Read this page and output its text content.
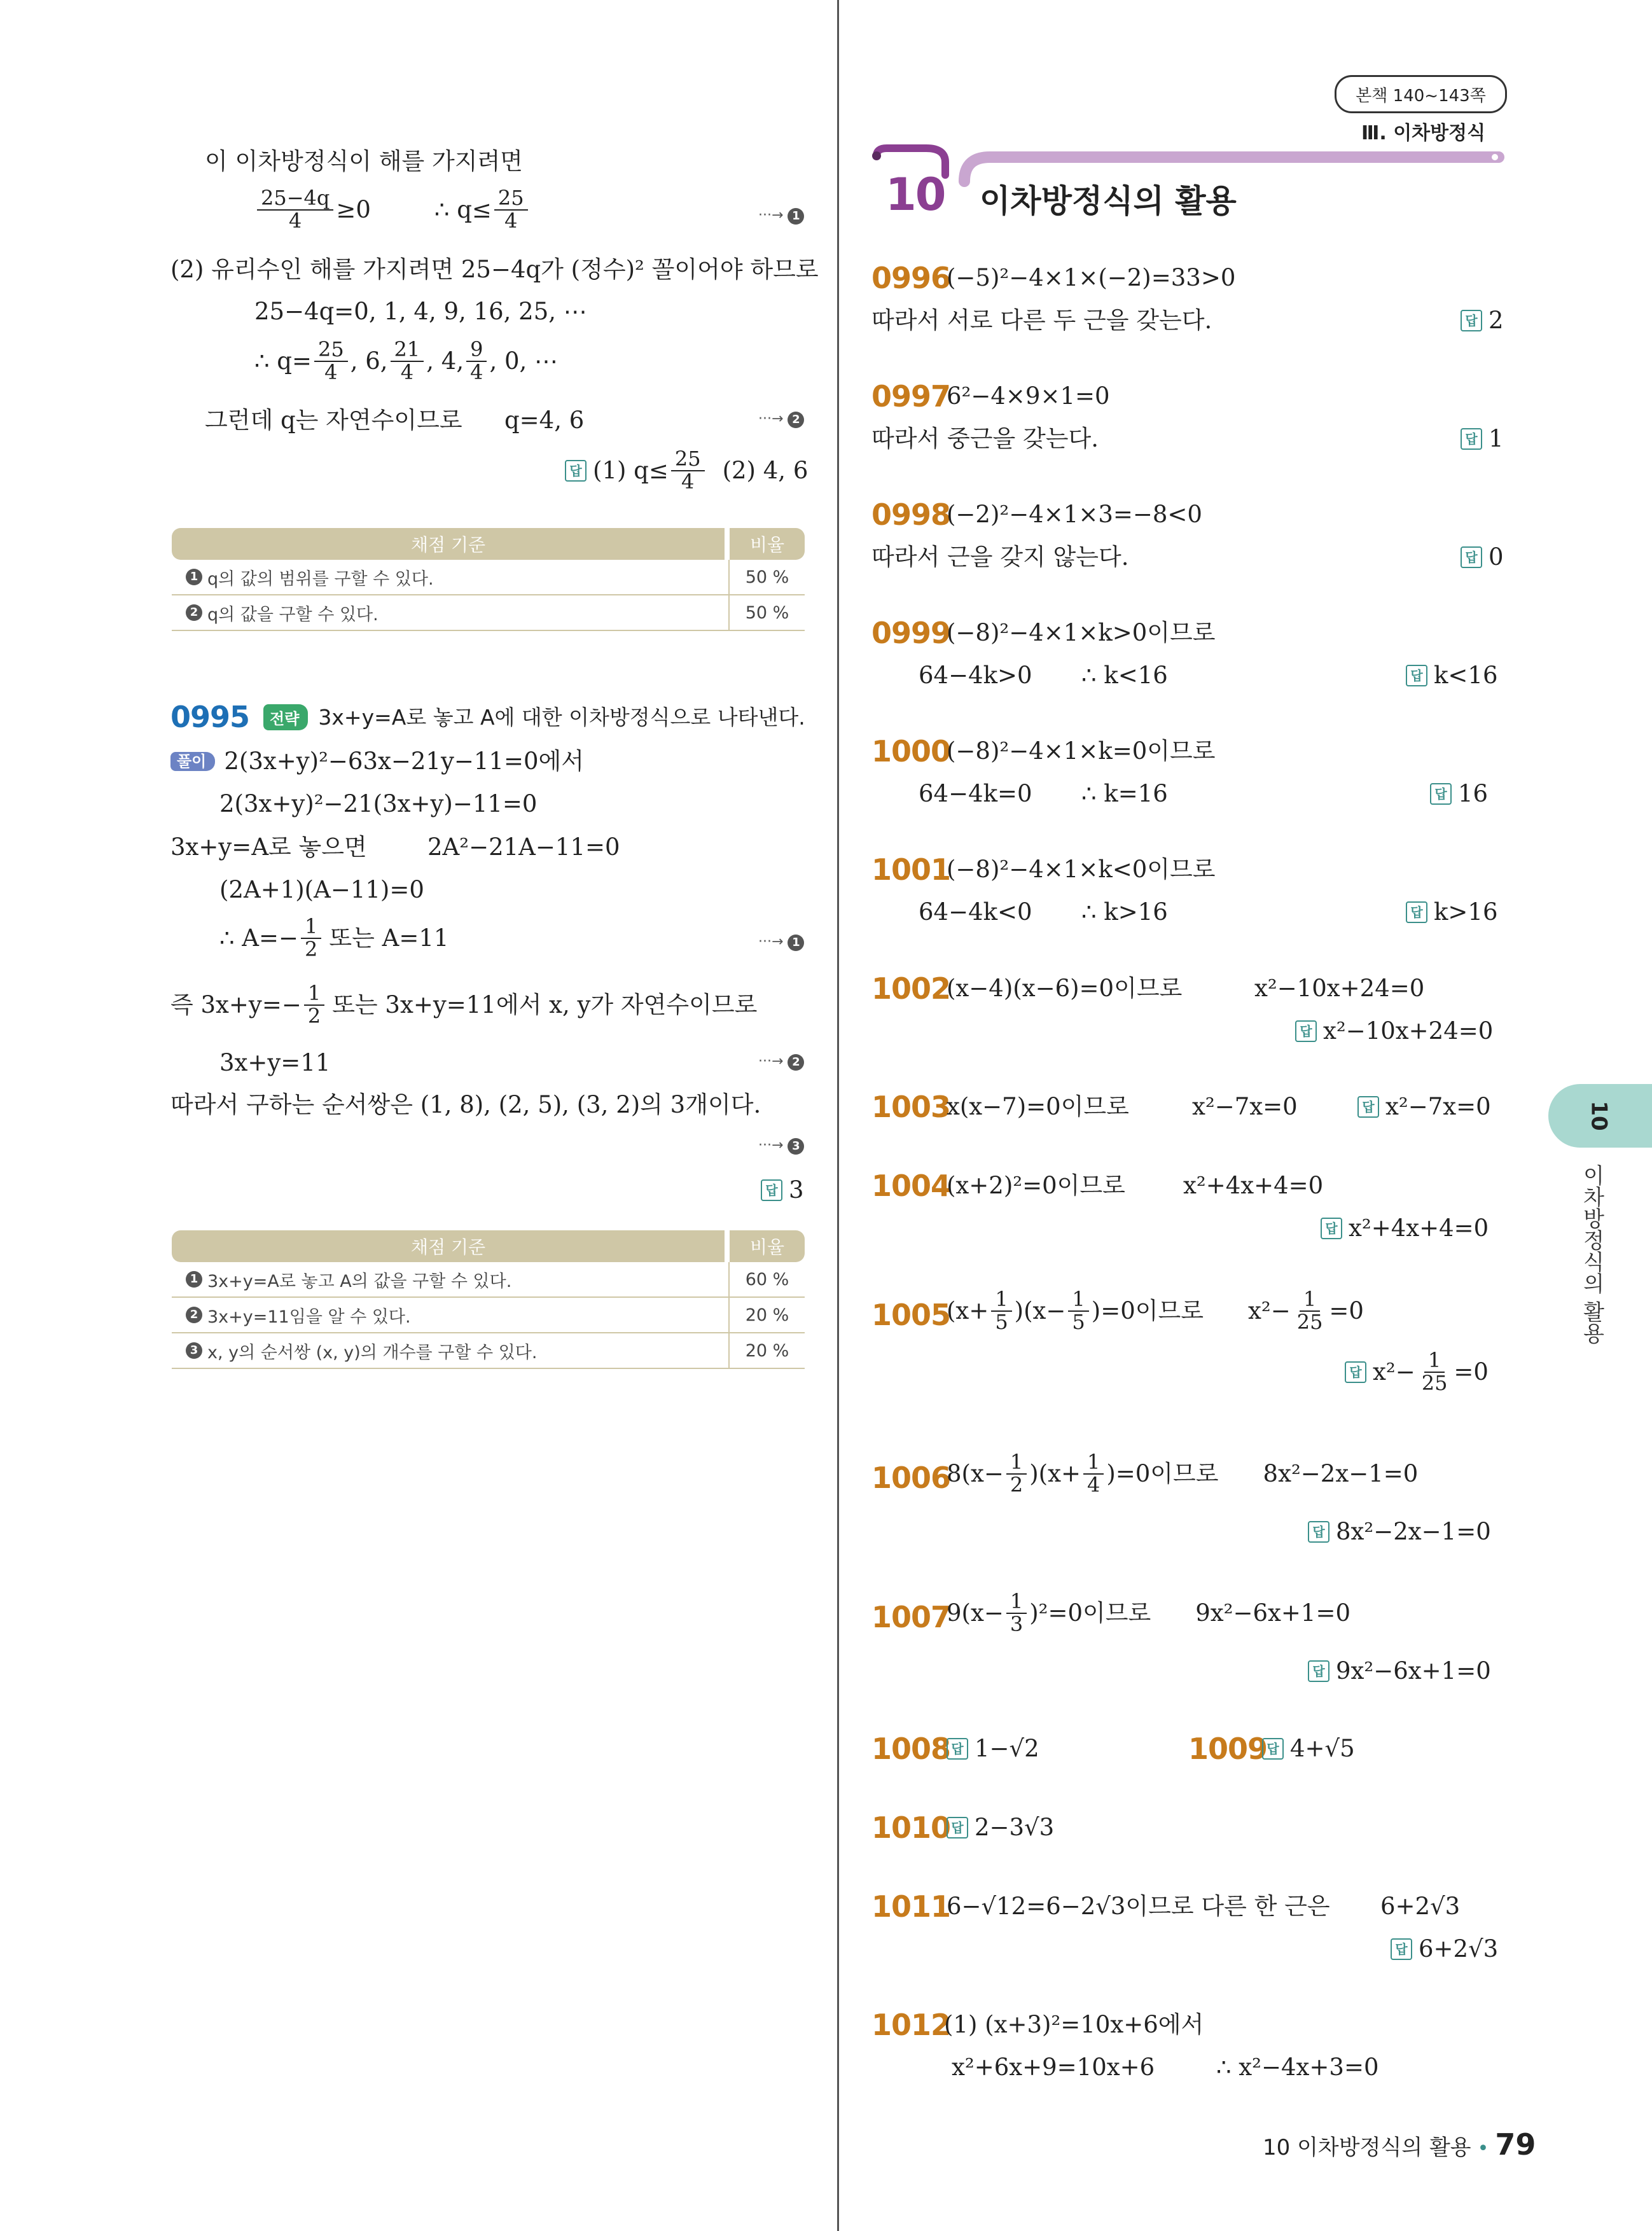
본책 140~143쪽
Ⅲ. 이차방정식
10 이차방정식의 활용
이 이차방정식이 해를 가지려면
$\frac{25-4q}{4} \ge 0$	∴ $q\le \frac{25}{4}$	···→ 1
(2) 유리수인 해를 가지려면 25−4q가 (정수)² 꼴이어야 하므로
25−4q=0, 1, 4, 9, 16, 25, ⋯
∴ $q= \frac{25}{4}$ , 6, $\frac{21}{4}$ , 4, $\frac{9}{4}$ , 0, ⋯
그런데 q는 자연수이므로 q=4, 6	···→ 2
답 (1) $q\le \frac{25}{4} (2)$ 4, 6
채점 기준	비율
1 q의 값의 범위를 구할 수 있다.	50 %
2 q의 값을 구할 수 있다.	50 %
0995	전략 3x+y=A로 놓고 A에 대한 이차방정식으로 나타낸다.
풀이 2(3x+y)²−63x−21y−11=0에서
2(3x+y)²−21(3x+y)−11=0
3x+y=A로 놓으면	2A²−21A−11=0
(2A+1)(A−11)=0
∴ $A=- \frac{1}{2}$ 또는 A=11	···→ 1
즉 $3x+y=- \frac{1}{2}$ 또는 3x+y=11에서 x, y가 자연수이므로
3x+y=11	···→ 2
따라서 구하는 순서쌍은 (1, 8), (2, 5), (3, 2)의 3개이다.
···→ 3
답 3
채점 기준	비율
1 3x+y=A로 놓고 A의 값을 구할 수 있다.	60 %
2 3x+y=11임을 알 수 있다.	20 %
3 x, y의 순서쌍 (x, y)의 개수를 구할 수 있다.	20 %
0996
(−5)²−4×1×(−2)=33>0
따라서 서로 다른 두 근을 갖는다.	답 2
0997
6²−4×9×1=0
따라서 중근을 갖는다.	답 1
0998
(−2)²−4×1×3=−8<0
따라서 근을 갖지 않는다.	답 0
0999
(−8)²−4×1×k>0이므로
64−4k>0 ∴ k<16	답 k<16
1000
(−8)²−4×1×k=0이므로
64−4k=0 ∴ k=16	답 16
1001
(−8)²−4×1×k<0이므로
64−4k<0 ∴ k>16	답 k>16
1002
(x−4)(x−6)=0이므로	x²−10x+24=0
답 x²−10x+24=0
1003
x(x−7)=0이므로	x²−7x=0	답 x²−7x=0
1004
(x+2)²=0이므로 x²+4x+4=0
답 x²+4x+4=0
1005
$(x+ \frac{1}{5} )(x- \frac{1}{5} )=0$이므로 $x^2- \frac{1}{25} =0$
답 $x^2- \frac{1}{25} =0$
1006
$8(x- \frac{1}{2} )(x+ \frac{1}{4} )=0$이므로 8x²−2x−1=0
답 8x²−2x−1=0
1007
$9(x- \frac{1}{3} )^2=0$이므로 9x²−6x+1=0
답 9x²−6x+1=0
1008 답 1−√2	1009 답 4+√5
1010 답 2−3√3
1011
6−√12=6−2√3이므로 다른 한 근은 6+2√3
답 6+2√3
1012
(1) (x+3)²=10x+6에서
x²+6x+9=10x+6	∴ x²−4x+3=0
10
이차방정식의 활용
10 이차방정식의 활용 • 79
